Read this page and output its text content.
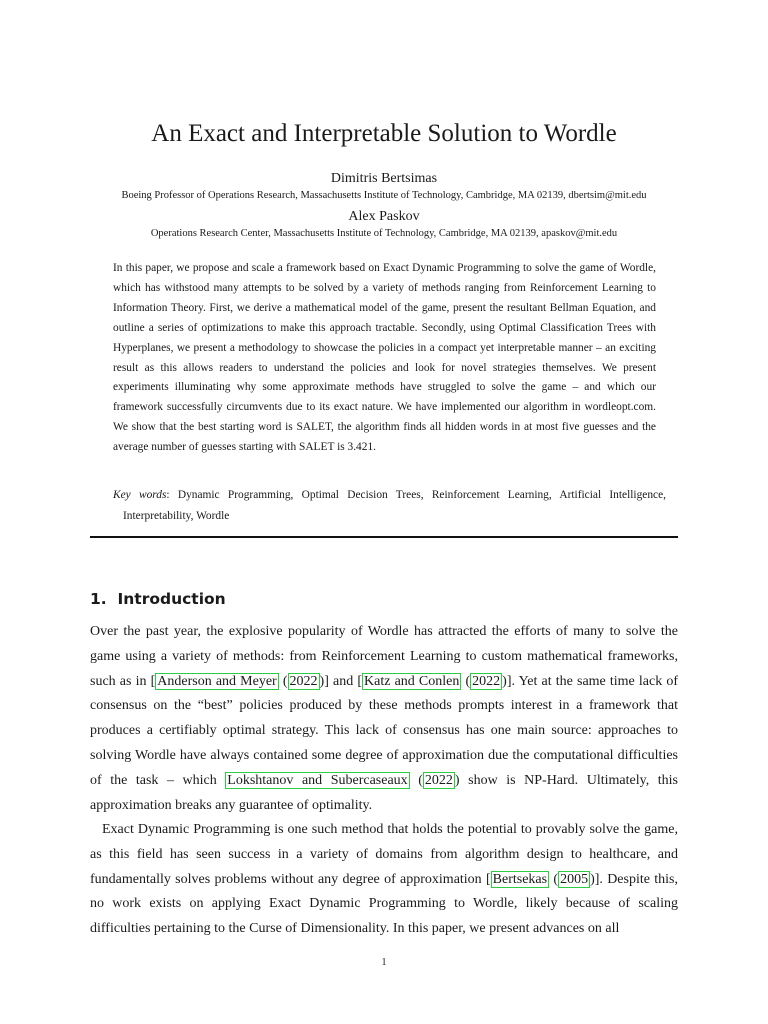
An Exact and Interpretable Solution to Wordle
Dimitris Bertsimas
Boeing Professor of Operations Research, Massachusetts Institute of Technology, Cambridge, MA 02139, dbertsim@mit.edu
Alex Paskov
Operations Research Center, Massachusetts Institute of Technology, Cambridge, MA 02139, apaskov@mit.edu

In this paper, we propose and scale a framework based on Exact Dynamic Programming to solve the game of Wordle, which has withstood many attempts to be solved by a variety of methods ranging from Reinforcement Learning to Information Theory. First, we derive a mathematical model of the game, present the resultant Bellman Equation, and outline a series of optimizations to make this approach tractable. Secondly, using Optimal Classification Trees with Hyperplanes, we present a methodology to showcase the policies in a compact yet interpretable manner – an exciting result as this allows readers to understand the policies and look for novel strategies themselves. We present experiments illuminating why some approximate methods have struggled to solve the game – and which our framework successfully circumvents due to its exact nature. We have implemented our algorithm in wordleopt.com. We show that the best starting word is SALET, the algorithm finds all hidden words in at most five guesses and the average number of guesses starting with SALET is 3.421.

Key words: Dynamic Programming, Optimal Decision Trees, Reinforcement Learning, Artificial Intelligence, Interpretability, Wordle

1. Introduction

Over the past year, the explosive popularity of Wordle has attracted the efforts of many to solve the game using a variety of methods: from Reinforcement Learning to custom mathematical frameworks, such as in [ Anderson and Meyer ( 2022 )] and [ Katz and Conlen ( 2022 )]. Yet at the same time lack of consensus on the “best” policies produced by these methods prompts interest in a framework that produces a certifiably optimal strategy. This lack of consensus has one main source: approaches to solving Wordle have always contained some degree of approximation due the computational difficulties of the task – which Lokshtanov and Subercaseaux ( 2022 ) show is NP-Hard. Ultimately, this approximation breaks any guarantee of optimality.

Exact Dynamic Programming is one such method that holds the potential to provably solve the game, as this field has seen success in a variety of domains from algorithm design to healthcare, and fundamentally solves problems without any degree of approximation [ Bertsekas ( 2005 )]. Despite this, no work exists on applying Exact Dynamic Programming to Wordle, likely because of scaling difficulties pertaining to the Curse of Dimensionality. In this paper, we present advances on all

1
